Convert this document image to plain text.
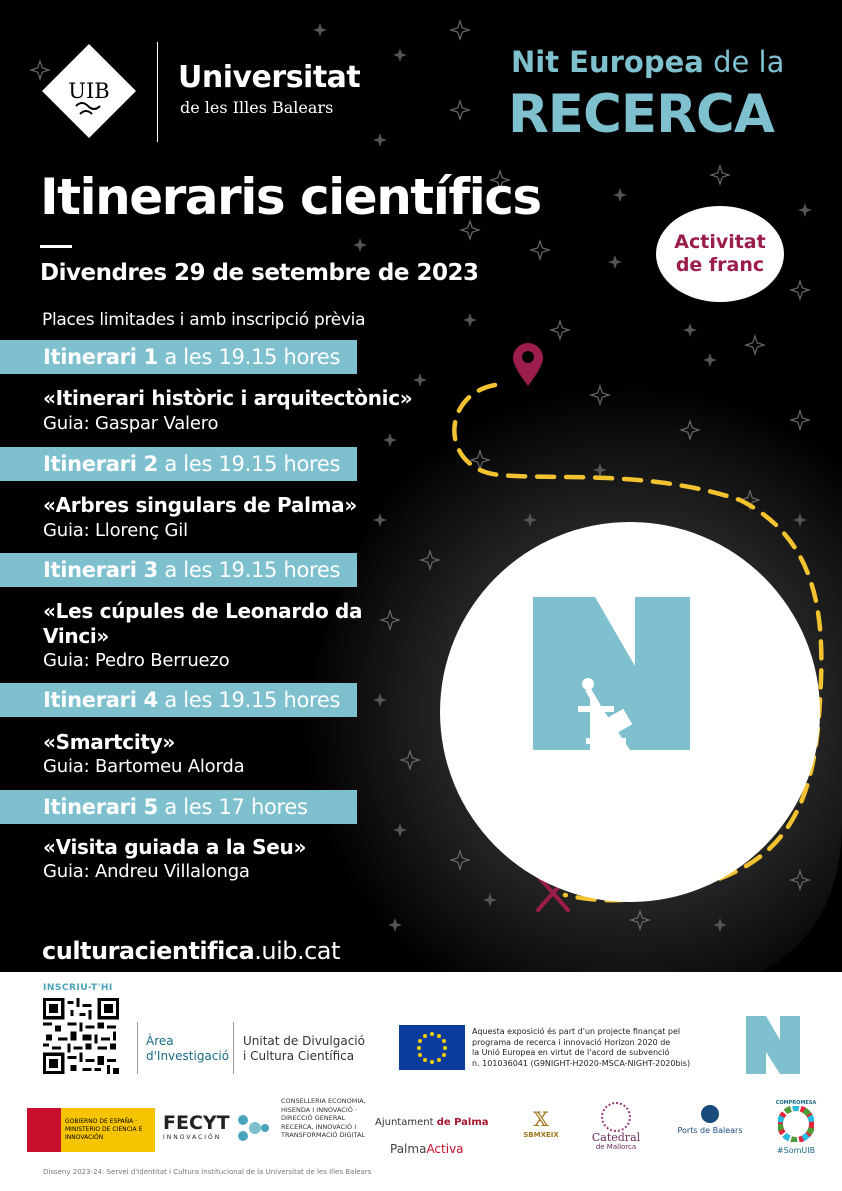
UIB Universitat
de les Illes Balears
Nit Europea de la
RECERCA
Itineraris científics
Divendres 29 de setembre de 2023
Places limitades i amb inscripció prèvia
Activitat
de franc
Itinerari 1 a les 19.15 hores
«Itinerari històric i arquitectònic»
Guia: Gaspar Valero
Itinerari 2 a les 19.15 hores
«Arbres singulars de Palma»
Guia: Llorenç Gil
Itinerari 3 a les 19.15 hores
«Les cúpules de Leonardo da Vinci»
Guia: Pedro Berruezo
Itinerari 4 a les 19.15 hores
«Smartcity»
Guia: Bartomeu Alorda
Itinerari 5 a les 17 hores
«Visita guiada a la Seu»
Guia: Andreu Villalonga
culturacientifica.uib.cat
INSCRIU-T'HI
Àrea
d'Investigació
Unitat de Divulgació
i Cultura Científica
Aquesta exposició és part d'un projecte finançat pel
programa de recerca i innovació Horizon 2020 de
la Unió Europea en virtut de l'acord de subvenció
n. 101036041 (G9NIGHT-H2020-MSCA-NIGHT-2020bis)
GOBIERNO DE ESPAÑA · MINISTERIO DE CIENCIA E INNOVACIÓN
FECYT
INNOVACIÓN
CONSELLERIA ECONOMIA, HISENDA I INNOVACIÓ · DIRECCIÓ GENERAL RECERCA, INNOVACIÓ I TRANSFORMACIÓ DIGITAL
Ajuntament de Palma
PalmaActiva
𝕏
SBMXEIX	Catedral
de Mallorca
Ports de Balears
COMPROMESA
#SomUIB
Disseny 2023-24: Servei d'Identitat i Cultura Institucional de la Universitat de les Illes Balears
